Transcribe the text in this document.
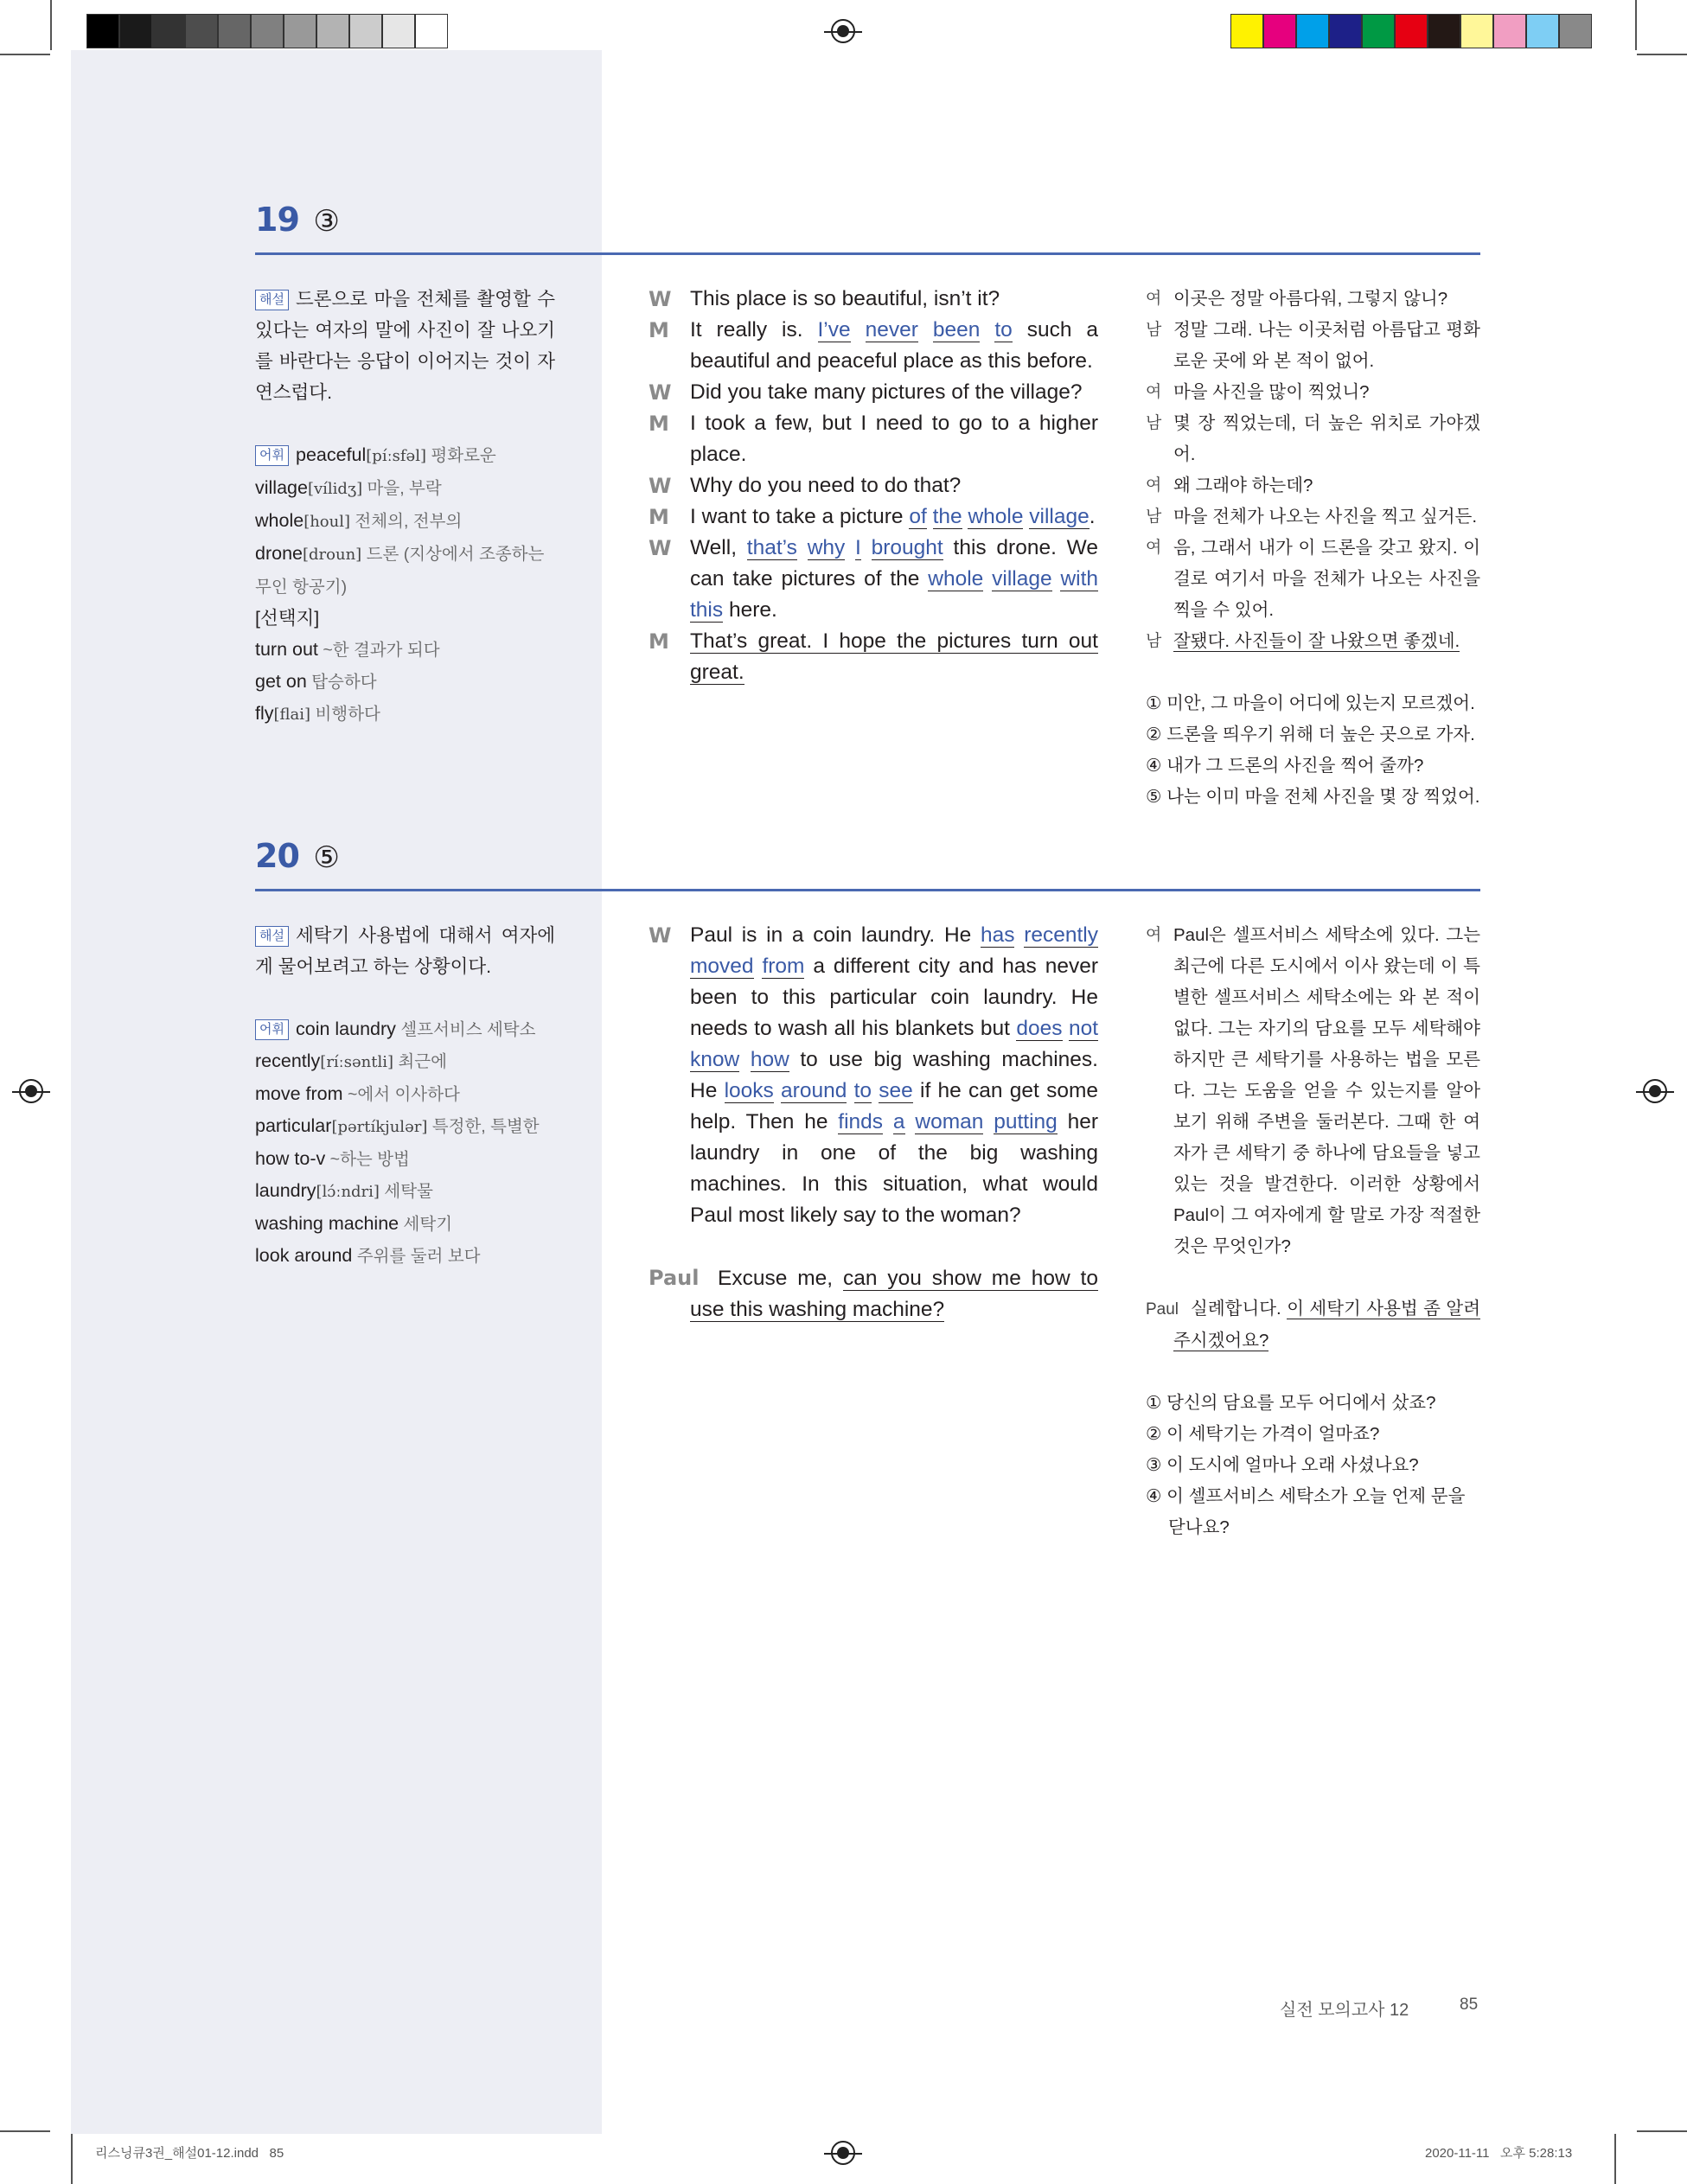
19 ③

해설 드론으로 마을 전체를 촬영할 수 있다는 여자의 말에 사진이 잘 나오기를 바란다는 응답이 이어지는 것이 자연스럽다.

어휘 peaceful[píːsfəl] 평화로운

village[vílidʒ] 마을, 부락

whole[houl] 전체의, 전부의

drone[droun] 드론 (지상에서 조종하는 무인 항공기)

[선택지]

turn out ~한 결과가 되다

get on 탑승하다

fly[flai] 비행하다

W This place is so beautiful, isn’t it?
M It really is. I’ve never been to such a beautiful and peaceful place as this before.
W Did you take many pictures of the village?
M I took a few, but I need to go to a higher place.
W Why do you need to do that?
M I want to take a picture of the whole village.
W Well, that’s why I brought this drone. We can take pictures of the whole village with this here.
M That’s great. I hope the pictures turn out great.
여 이곳은 정말 아름다워, 그렇지 않니?
남 정말 그래. 나는 이곳처럼 아름답고 평화로운 곳에 와 본 적이 없어.
여 마을 사진을 많이 찍었니?
남 몇 장 찍었는데, 더 높은 위치로 가야겠어.
여 왜 그래야 하는데?
남 마을 전체가 나오는 사진을 찍고 싶거든.
여 음, 그래서 내가 이 드론을 갖고 왔지. 이걸로 여기서 마을 전체가 나오는 사진을 찍을 수 있어.
남 잘됐다. 사진들이 잘 나왔으면 좋겠네.
① 미안, 그 마을이 어디에 있는지 모르겠어.
② 드론을 띄우기 위해 더 높은 곳으로 가자.
④ 내가 그 드론의 사진을 찍어 줄까?
⑤ 나는 이미 마을 전체 사진을 몇 장 찍었어.
20 ⑤

해설 세탁기 사용법에 대해서 여자에게 물어보려고 하는 상황이다.

어휘 coin laundry 셀프서비스 세탁소

recently[ríːsəntli] 최근에

move from ~에서 이사하다

particular[pərtíkjulər] 특정한, 특별한

how to-v ~하는 방법

laundry[lɔ́ːndri] 세탁물

washing machine 세탁기

look around 주위를 둘러 보다

W Paul is in a coin laundry. He has recently moved from a different city and has never been to this particular coin laundry. He needs to wash all his blankets but does not know how to use big washing machines. He looks around to see if he can get some help. Then he finds a woman putting her laundry in one of the big washing machines. In this situation, what would Paul most likely say to the woman?
Paul Excuse me, can you show me how to use this washing machine?
여 Paul은 셀프서비스 세탁소에 있다. 그는 최근에 다른 도시에서 이사 왔는데 이 특별한 셀프서비스 세탁소에는 와 본 적이 없다. 그는 자기의 담요를 모두 세탁해야 하지만 큰 세탁기를 사용하는 법을 모른다. 그는 도움을 얻을 수 있는지를 알아보기 위해 주변을 둘러본다. 그때 한 여자가 큰 세탁기 중 하나에 담요들을 넣고 있는 것을 발견한다. 이러한 상황에서 Paul이 그 여자에게 할 말로 가장 적절한 것은 무엇인가?
Paul 실례합니다. 이 세탁기 사용법 좀 알려 주시겠어요?
① 당신의 담요를 모두 어디에서 샀죠?
② 이 세탁기는 가격이 얼마죠?
③ 이 도시에 얼마나 오래 사셨나요?
④ 이 셀프서비스 세탁소가 오늘 언제 문을 닫나요?
실전 모의고사 12	85
리스닝큐3권_해설01-12.indd   85	2020-11-11   오후 5:28:13
